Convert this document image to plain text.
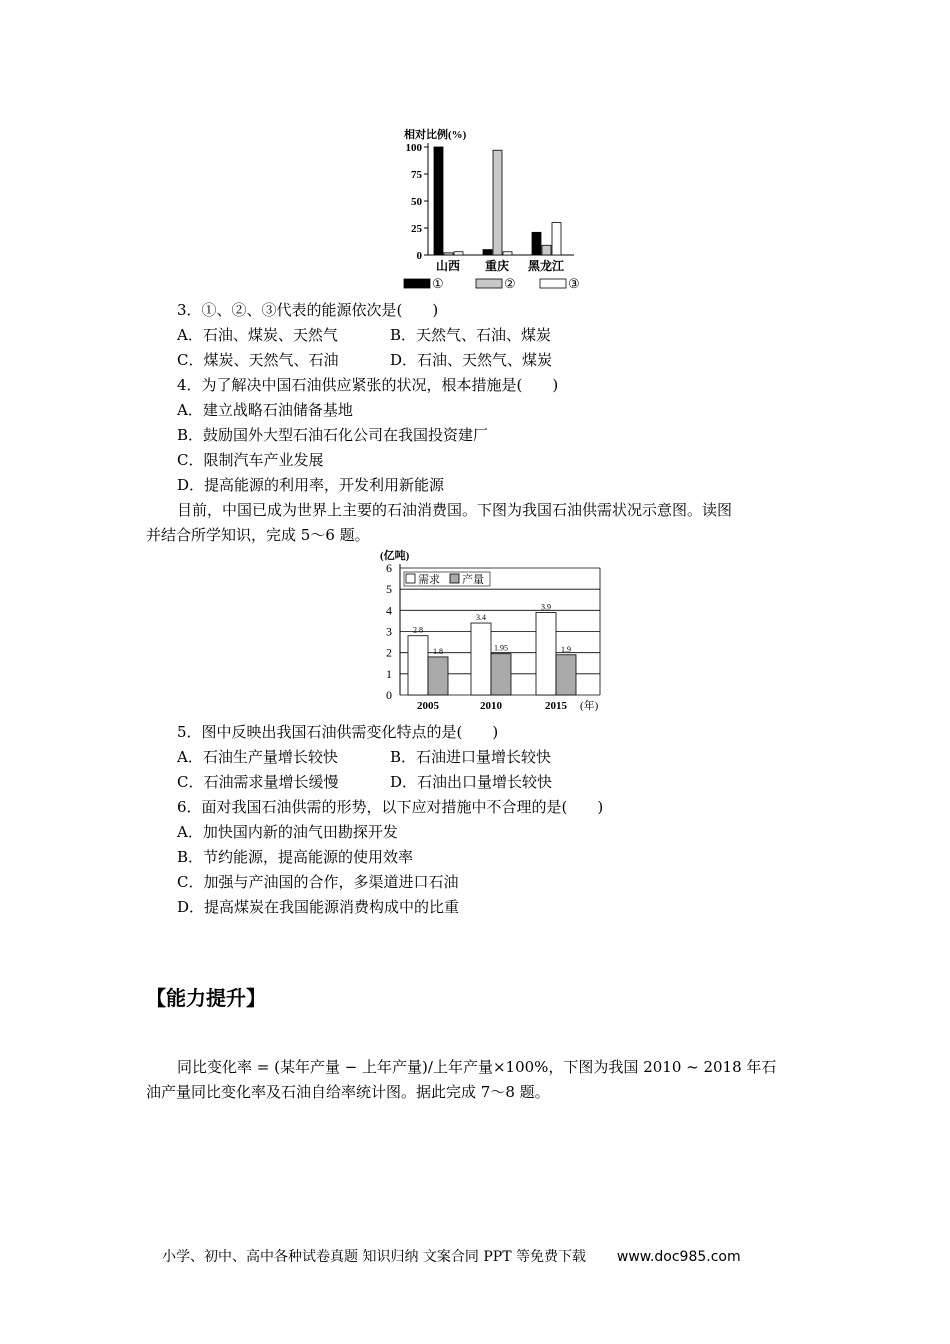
相对比例(%)
0
25
50
75
100
山西 重庆 黑龙江
①	②	③
3．①、②、③代表的能源依次是(　　)
A．石油、煤炭、天然气	B．天然气、石油、煤炭
C．煤炭、天然气、石油	D．石油、天然气、煤炭
4．为了解决中国石油供应紧张的状况，根本措施是(　　)
A．建立战略石油储备基地
B．鼓励国外大型石油石化公司在我国投资建厂
C．限制汽车产业发展
D．提高能源的利用率，开发利用新能源
目前，中国已成为世界上主要的石油消费国。下图为我国石油供需状况示意图。读图
并结合所学知识，完成 5～6 题。
(亿吨)
0
1
2
3
4
5
6
需求 产量
2.8
1.8
2005
3.4
1.95
2010
3.9
1.9
2015 (年)
5．图中反映出我国石油供需变化特点的是(　　)
A．石油生产量增长较快	B．石油进口量增长较快
C．石油需求量增长缓慢	D．石油出口量增长较快
6．面对我国石油供需的形势，以下应对措施中不合理的是(　　)
A．加快国内新的油气田勘探开发
B．节约能源，提高能源的使用效率
C．加强与产油国的合作，多渠道进口石油
D．提高煤炭在我国能源消费构成中的比重
【能力提升】
同比变化率 = (某年产量 − 上年产量)/上年产量×100%，下图为我国 2010 ~ 2018 年石
油产量同比变化率及石油自给率统计图。据此完成 7～8 题。
小学、初中、高中各种试卷真题 知识归纳 文案合同 PPT 等免费下载 www.doc985.com
